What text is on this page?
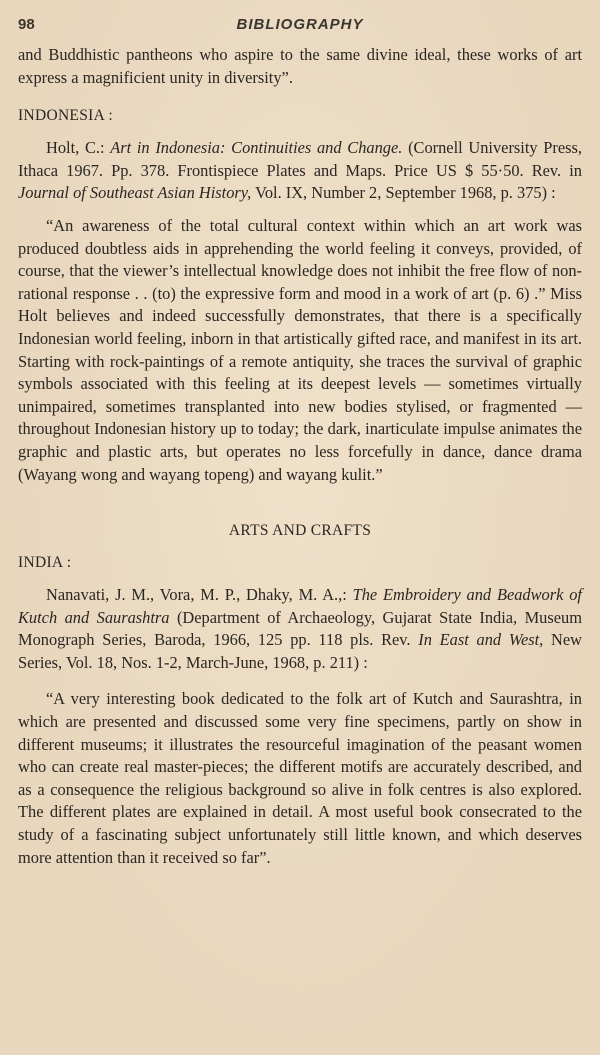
98	BIBLIOGRAPHY

and Buddhistic pantheons who aspire to the same divine ideal, these works of art express a magnificient unity in diversity”.

INDONESIA :

Holt, C.: Art in Indonesia: Continuities and Change. (Cornell University Press, Ithaca 1967. Pp. 378. Frontispiece Plates and Maps. Price US $ 55·50. Rev. in Journal of Southeast Asian History, Vol. IX, Number 2, September 1968, p. 375) :

“An awareness of the total cultural context within which an art work was produced doubtless aids in apprehending the world feeling it conveys, provided, of course, that the viewer’s intellectual knowledge does not inhibit the free flow of non-rational response . . (to) the expressive form and mood in a work of art (p. 6) .” Miss Holt believes and indeed successfully demonstrates, that there is a specifically Indonesian world feeling, inborn in that artistically gifted race, and manifest in its art. Starting with rock-paintings of a remote antiquity, she traces the survival of graphic symbols associated with this feeling at its deepest levels — sometimes virtually unimpaired, sometimes transplanted into new bodies stylised, or fragmented — throughout Indonesian history up to today; the dark, inarticulate impulse animates the graphic and plastic arts, but operates no less forcefully in dance, dance drama (Wayang wong and wayang topeng) and wayang kulit.”

ARTS AND CRAFTS

INDIA :

Nanavati, J. M., Vora, M. P., Dhaky, M. A.,: The Embroidery and Beadwork of Kutch and Saurashtra (Department of Archaeology, Gujarat State India, Museum Monograph Series, Baroda, 1966, 125 pp. 118 pls. Rev. In East and West, New Series, Vol. 18, Nos. 1-2, March-June, 1968, p. 211) :

“A very interesting book dedicated to the folk art of Kutch and Saurashtra, in which are presented and discussed some very fine specimens, partly on show in different museums; it illustrates the resourceful imagination of the peasant women who can create real master-pieces; the different motifs are accurately described, and as a consequence the religious background so alive in folk centres is also explored. The different plates are explained in detail. A most useful book consecrated to the study of a fascinating subject unfortunately still little known, and which deserves more attention than it received so far”.
